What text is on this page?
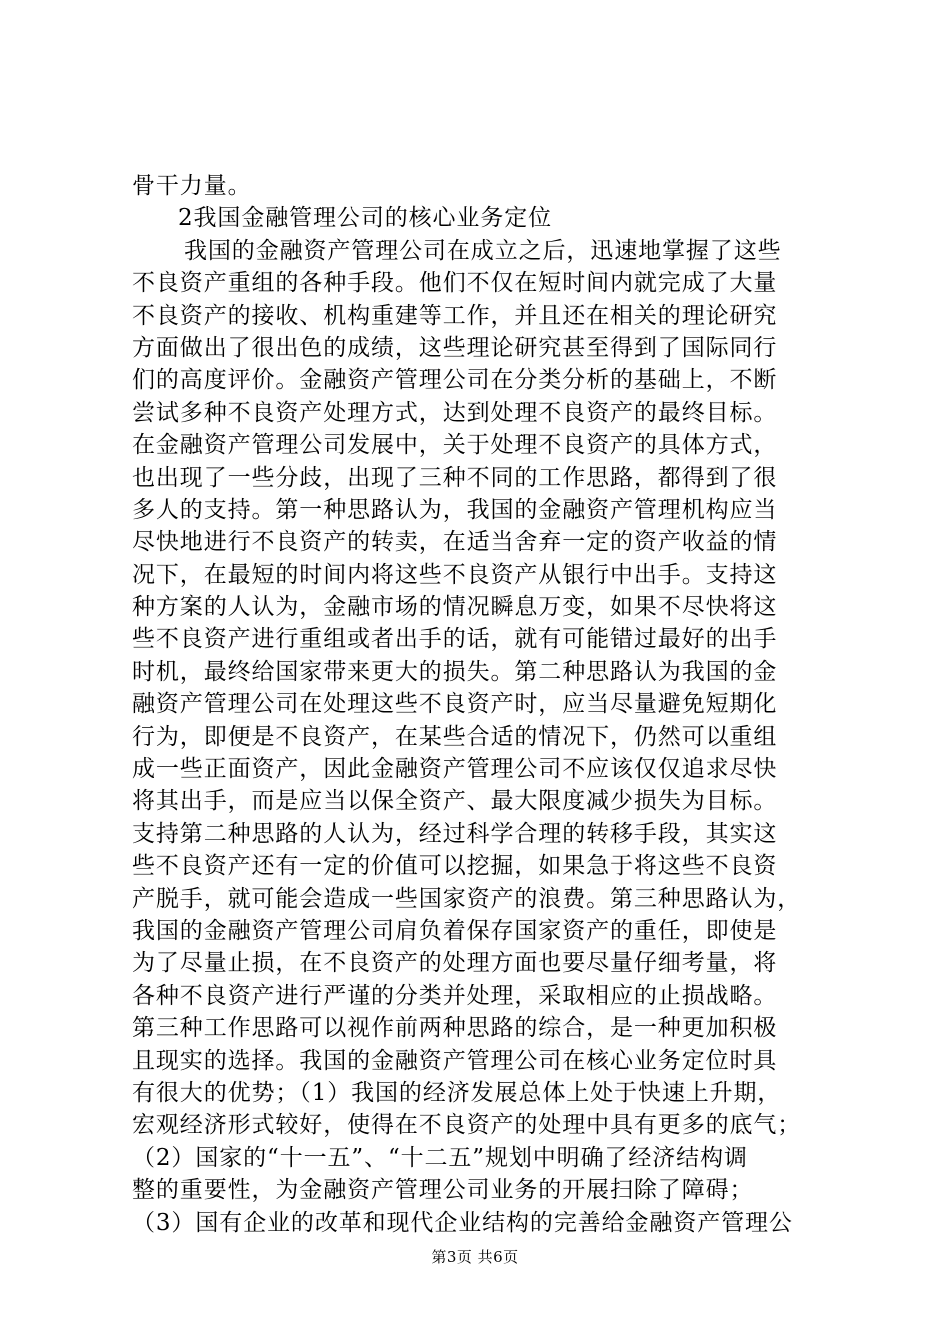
骨干力量。
2我国金融管理公司的核心业务定位
我国的金融资产管理公司在成立之后，迅速地掌握了这些
不良资产重组的各种手段。他们不仅在短时间内就完成了大量
不良资产的接收、机构重建等工作，并且还在相关的理论研究
方面做出了很出色的成绩，这些理论研究甚至得到了国际同行
们的高度评价。金融资产管理公司在分类分析的基础上，不断
尝试多种不良资产处理方式，达到处理不良资产的最终目标。
在金融资产管理公司发展中，关于处理不良资产的具体方式，
也出现了一些分歧，出现了三种不同的工作思路，都得到了很
多人的支持。第一种思路认为，我国的金融资产管理机构应当
尽快地进行不良资产的转卖，在适当舍弃一定的资产收益的情
况下，在最短的时间内将这些不良资产从银行中出手。支持这
种方案的人认为，金融市场的情况瞬息万变，如果不尽快将这
些不良资产进行重组或者出手的话，就有可能错过最好的出手
时机，最终给国家带来更大的损失。第二种思路认为我国的金
融资产管理公司在处理这些不良资产时，应当尽量避免短期化
行为，即便是不良资产，在某些合适的情况下，仍然可以重组
成一些正面资产，因此金融资产管理公司不应该仅仅追求尽快
将其出手，而是应当以保全资产、最大限度减少损失为目标。
支持第二种思路的人认为，经过科学合理的转移手段，其实这
些不良资产还有一定的价值可以挖掘，如果急于将这些不良资
产脱手，就可能会造成一些国家资产的浪费。第三种思路认为，
我国的金融资产管理公司肩负着保存国家资产的重任，即使是
为了尽量止损，在不良资产的处理方面也要尽量仔细考量，将
各种不良资产进行严谨的分类并处理，采取相应的止损战略。
第三种工作思路可以视作前两种思路的综合，是一种更加积极
且现实的选择。我国的金融资产管理公司在核心业务定位时具
有很大的优势；（1）我国的经济发展总体上处于快速上升期，
宏观经济形式较好，使得在不良资产的处理中具有更多的底气；
（2）国家的“十一五”、“十二五”规划中明确了经济结构调
整的重要性，为金融资产管理公司业务的开展扫除了障碍；
（3）国有企业的改革和现代企业结构的完善给金融资产管理公
第3页 共6页
